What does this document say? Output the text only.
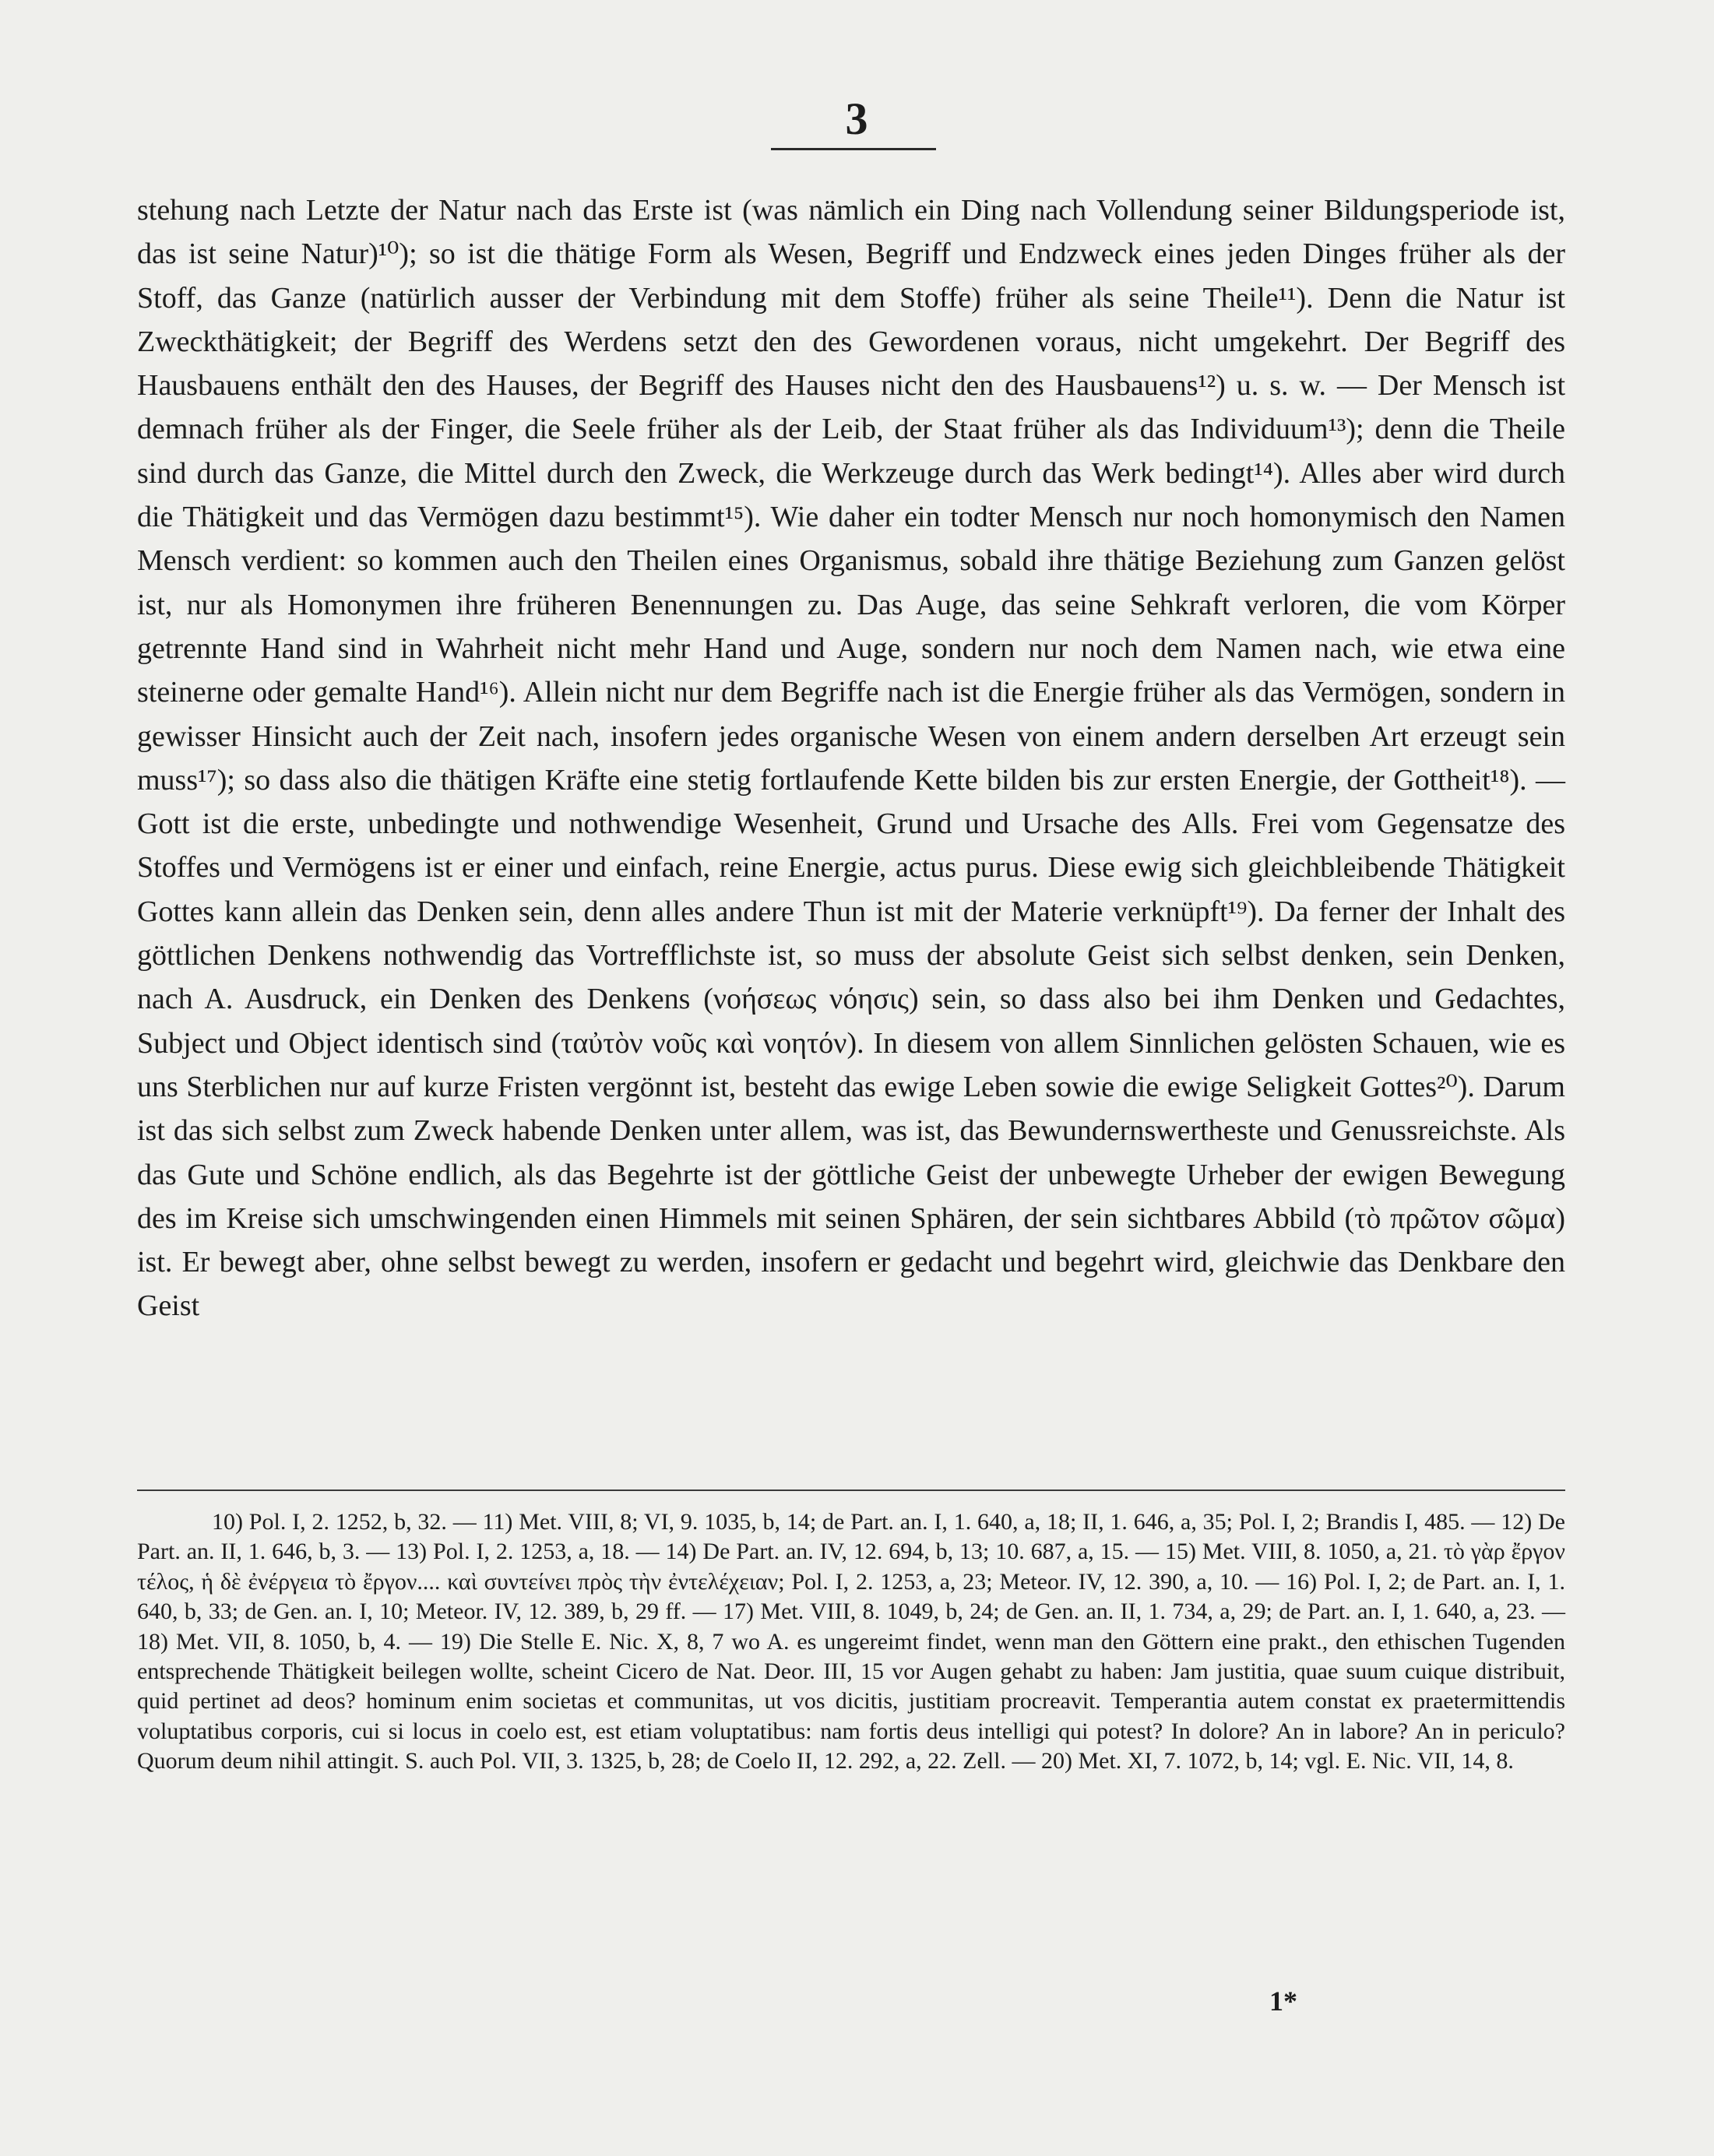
3

stehung nach Letzte der Natur nach das Erste ist (was nämlich ein Ding nach Vollendung seiner Bildungsperiode ist, das ist seine Natur)¹⁰); so ist die thätige Form als Wesen, Begriff und Endzweck eines jeden Dinges früher als der Stoff, das Ganze (natürlich ausser der Verbindung mit dem Stoffe) früher als seine Theile¹¹). Denn die Natur ist Zweckthätigkeit; der Begriff des Werdens setzt den des Gewordenen voraus, nicht umgekehrt. Der Begriff des Hausbauens enthält den des Hauses, der Begriff des Hauses nicht den des Hausbauens¹²) u. s. w. — Der Mensch ist demnach früher als der Finger, die Seele früher als der Leib, der Staat früher als das Individuum¹³); denn die Theile sind durch das Ganze, die Mittel durch den Zweck, die Werkzeuge durch das Werk bedingt¹⁴). Alles aber wird durch die Thätigkeit und das Vermögen dazu bestimmt¹⁵). Wie daher ein todter Mensch nur noch homonymisch den Namen Mensch verdient: so kommen auch den Theilen eines Organismus, sobald ihre thätige Beziehung zum Ganzen gelöst ist, nur als Homonymen ihre früheren Benennungen zu. Das Auge, das seine Sehkraft verloren, die vom Körper getrennte Hand sind in Wahrheit nicht mehr Hand und Auge, sondern nur noch dem Namen nach, wie etwa eine steinerne oder gemalte Hand¹⁶). Allein nicht nur dem Begriffe nach ist die Energie früher als das Vermögen, sondern in gewisser Hinsicht auch der Zeit nach, insofern jedes organische Wesen von einem andern derselben Art erzeugt sein muss¹⁷); so dass also die thätigen Kräfte eine stetig fortlaufende Kette bilden bis zur ersten Energie, der Gottheit¹⁸). — Gott ist die erste, unbedingte und nothwendige Wesenheit, Grund und Ursache des Alls. Frei vom Gegensatze des Stoffes und Vermögens ist er einer und einfach, reine Energie, actus purus. Diese ewig sich gleichbleibende Thätigkeit Gottes kann allein das Denken sein, denn alles andere Thun ist mit der Materie verknüpft¹⁹). Da ferner der Inhalt des göttlichen Denkens nothwendig das Vortrefflichste ist, so muss der absolute Geist sich selbst denken, sein Denken, nach A. Ausdruck, ein Denken des Denkens (νοήσεως νόησις) sein, so dass also bei ihm Denken und Gedachtes, Subject und Object identisch sind (ταὐτὸν νοῦς καὶ νοητόν). In diesem von allem Sinnlichen gelösten Schauen, wie es uns Sterblichen nur auf kurze Fristen vergönnt ist, besteht das ewige Leben sowie die ewige Seligkeit Gottes²⁰). Darum ist das sich selbst zum Zweck habende Denken unter allem, was ist, das Bewundernswertheste und Genussreichste. Als das Gute und Schöne endlich, als das Begehrte ist der göttliche Geist der unbewegte Urheber der ewigen Bewegung des im Kreise sich umschwingenden einen Himmels mit seinen Sphären, der sein sichtbares Abbild (τὸ πρῶτον σῶμα) ist. Er bewegt aber, ohne selbst bewegt zu werden, insofern er gedacht und begehrt wird, gleichwie das Denkbare den Geist

10) Pol. I, 2. 1252, b, 32. — 11) Met. VIII, 8; VI, 9. 1035, b, 14; de Part. an. I, 1. 640, a, 18; II, 1. 646, a, 35; Pol. I, 2; Brandis I, 485. — 12) De Part. an. II, 1. 646, b, 3. — 13) Pol. I, 2. 1253, a, 18. — 14) De Part. an. IV, 12. 694, b, 13; 10. 687, a, 15. — 15) Met. VIII, 8. 1050, a, 21. τὸ γὰρ ἔργον τέλος, ἡ δὲ ἐνέργεια τὸ ἔργον.... καὶ συντείνει πρὸς τὴν ἐντελέχειαν; Pol. I, 2. 1253, a, 23; Meteor. IV, 12. 390, a, 10. — 16) Pol. I, 2; de Part. an. I, 1. 640, b, 33; de Gen. an. I, 10; Meteor. IV, 12. 389, b, 29 ff. — 17) Met. VIII, 8. 1049, b, 24; de Gen. an. II, 1. 734, a, 29; de Part. an. I, 1. 640, a, 23. — 18) Met. VII, 8. 1050, b, 4. — 19) Die Stelle E. Nic. X, 8, 7 wo A. es ungereimt findet, wenn man den Göttern eine prakt., den ethischen Tugenden entsprechende Thätigkeit beilegen wollte, scheint Cicero de Nat. Deor. III, 15 vor Augen gehabt zu haben: Jam justitia, quae suum cuique distribuit, quid pertinet ad deos? hominum enim societas et communitas, ut vos dicitis, justitiam procreavit. Temperantia autem constat ex praetermittendis voluptatibus corporis, cui si locus in coelo est, est etiam voluptatibus: nam fortis deus intelligi qui potest? In dolore? An in labore? An in periculo? Quorum deum nihil attingit. S. auch Pol. VII, 3. 1325, b, 28; de Coelo II, 12. 292, a, 22. Zell. — 20) Met. XI, 7. 1072, b, 14; vgl. E. Nic. VII, 14, 8.

1*
